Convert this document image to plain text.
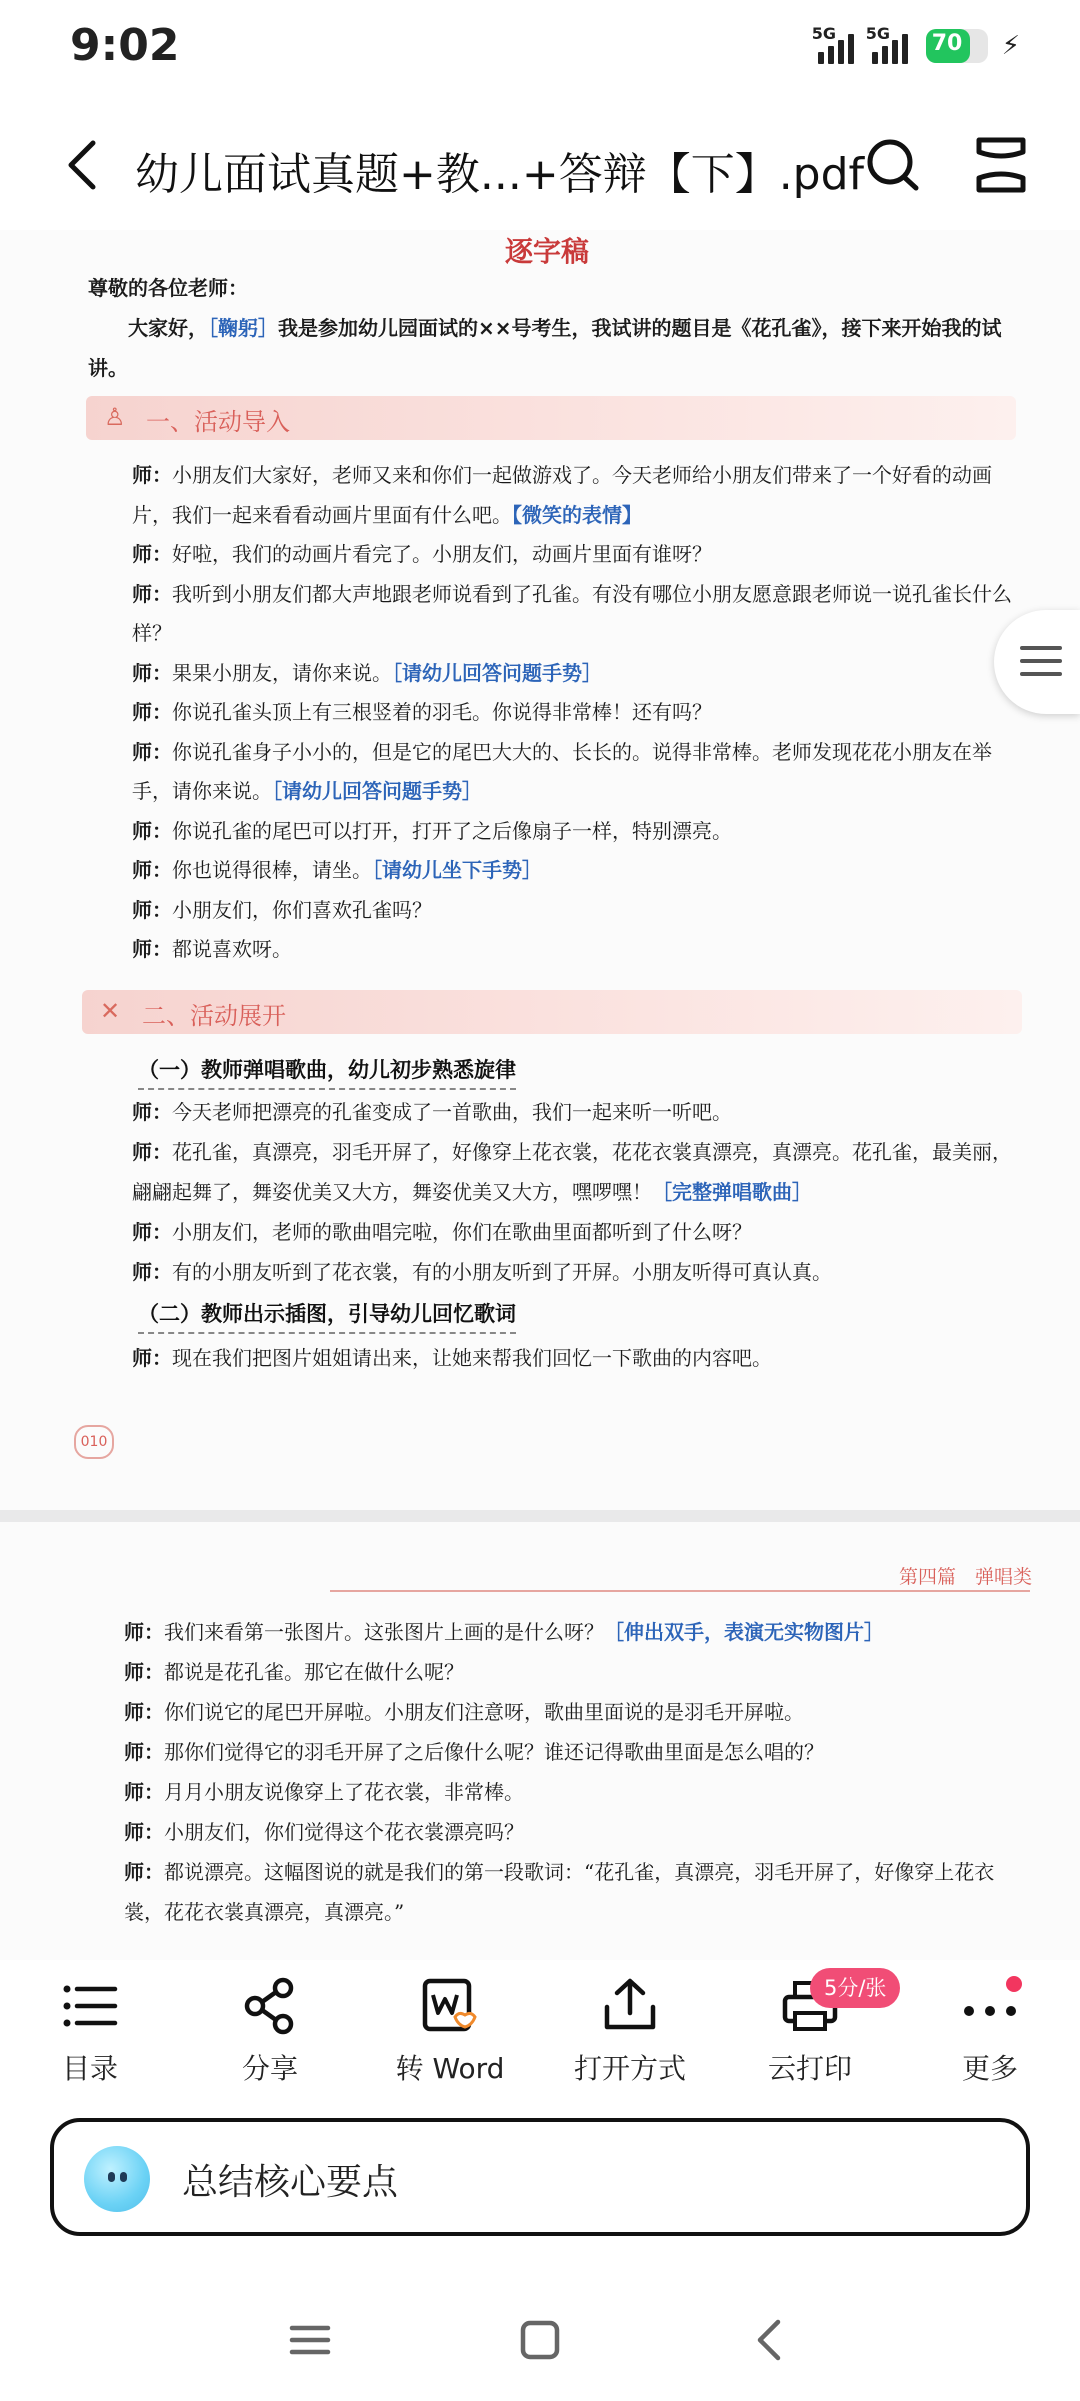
9:02	5G 5G 70 ⚡
幼儿面试真题+教...+答辩【下】.pdf
逐字稿
尊敬的各位老师：
大家好，［鞠躬］我是参加幼儿园面试的××号考生，我试讲的题目是《花孔雀》，接下来开始我的试讲。
♙ 一、活动导入
师：小朋友们大家好，老师又来和你们一起做游戏了。今天老师给小朋友们带来了一个好看的动画片，我们一起来看看动画片里面有什么吧。【微笑的表情】
师：好啦，我们的动画片看完了。小朋友们，动画片里面有谁呀？
师：我听到小朋友们都大声地跟老师说看到了孔雀。有没有哪位小朋友愿意跟老师说一说孔雀长什么样？
师：果果小朋友，请你来说。［请幼儿回答问题手势］
师：你说孔雀头顶上有三根竖着的羽毛。你说得非常棒！还有吗？
师：你说孔雀身子小小的，但是它的尾巴大大的、长长的。说得非常棒。老师发现花花小朋友在举手，请你来说。［请幼儿回答问题手势］
师：你说孔雀的尾巴可以打开，打开了之后像扇子一样，特别漂亮。
师：你也说得很棒，请坐。［请幼儿坐下手势］
师：小朋友们，你们喜欢孔雀吗？
师：都说喜欢呀。
✕ 二、活动展开
（一）教师弹唱歌曲，幼儿初步熟悉旋律
师：今天老师把漂亮的孔雀变成了一首歌曲，我们一起来听一听吧。
师：花孔雀，真漂亮，羽毛开屏了，好像穿上花衣裳，花花衣裳真漂亮，真漂亮。花孔雀，最美丽，翩翩起舞了，舞姿优美又大方，舞姿优美又大方，嘿啰嘿！［完整弹唱歌曲］
师：小朋友们，老师的歌曲唱完啦，你们在歌曲里面都听到了什么呀？
师：有的小朋友听到了花衣裳，有的小朋友听到了开屏。小朋友听得可真认真。
（二）教师出示插图，引导幼儿回忆歌词
师：现在我们把图片姐姐请出来，让她来帮我们回忆一下歌曲的内容吧。
010
第四篇　弹唱类
师：我们来看第一张图片。这张图片上画的是什么呀？［伸出双手，表演无实物图片］
师：都说是花孔雀。那它在做什么呢？
师：你们说它的尾巴开屏啦。小朋友们注意呀，歌曲里面说的是羽毛开屏啦。
师：那你们觉得它的羽毛开屏了之后像什么呢？谁还记得歌曲里面是怎么唱的？
师：月月小朋友说像穿上了花衣裳，非常棒。
师：小朋友们，你们觉得这个花衣裳漂亮吗？
师：都说漂亮。这幅图说的就是我们的第一段歌词：“花孔雀，真漂亮，羽毛开屏了，好像穿上花衣裳，花花衣裳真漂亮，真漂亮。”
目录	分享	转 Word	打开方式	云打印	更多
5分/张
总结核心要点
